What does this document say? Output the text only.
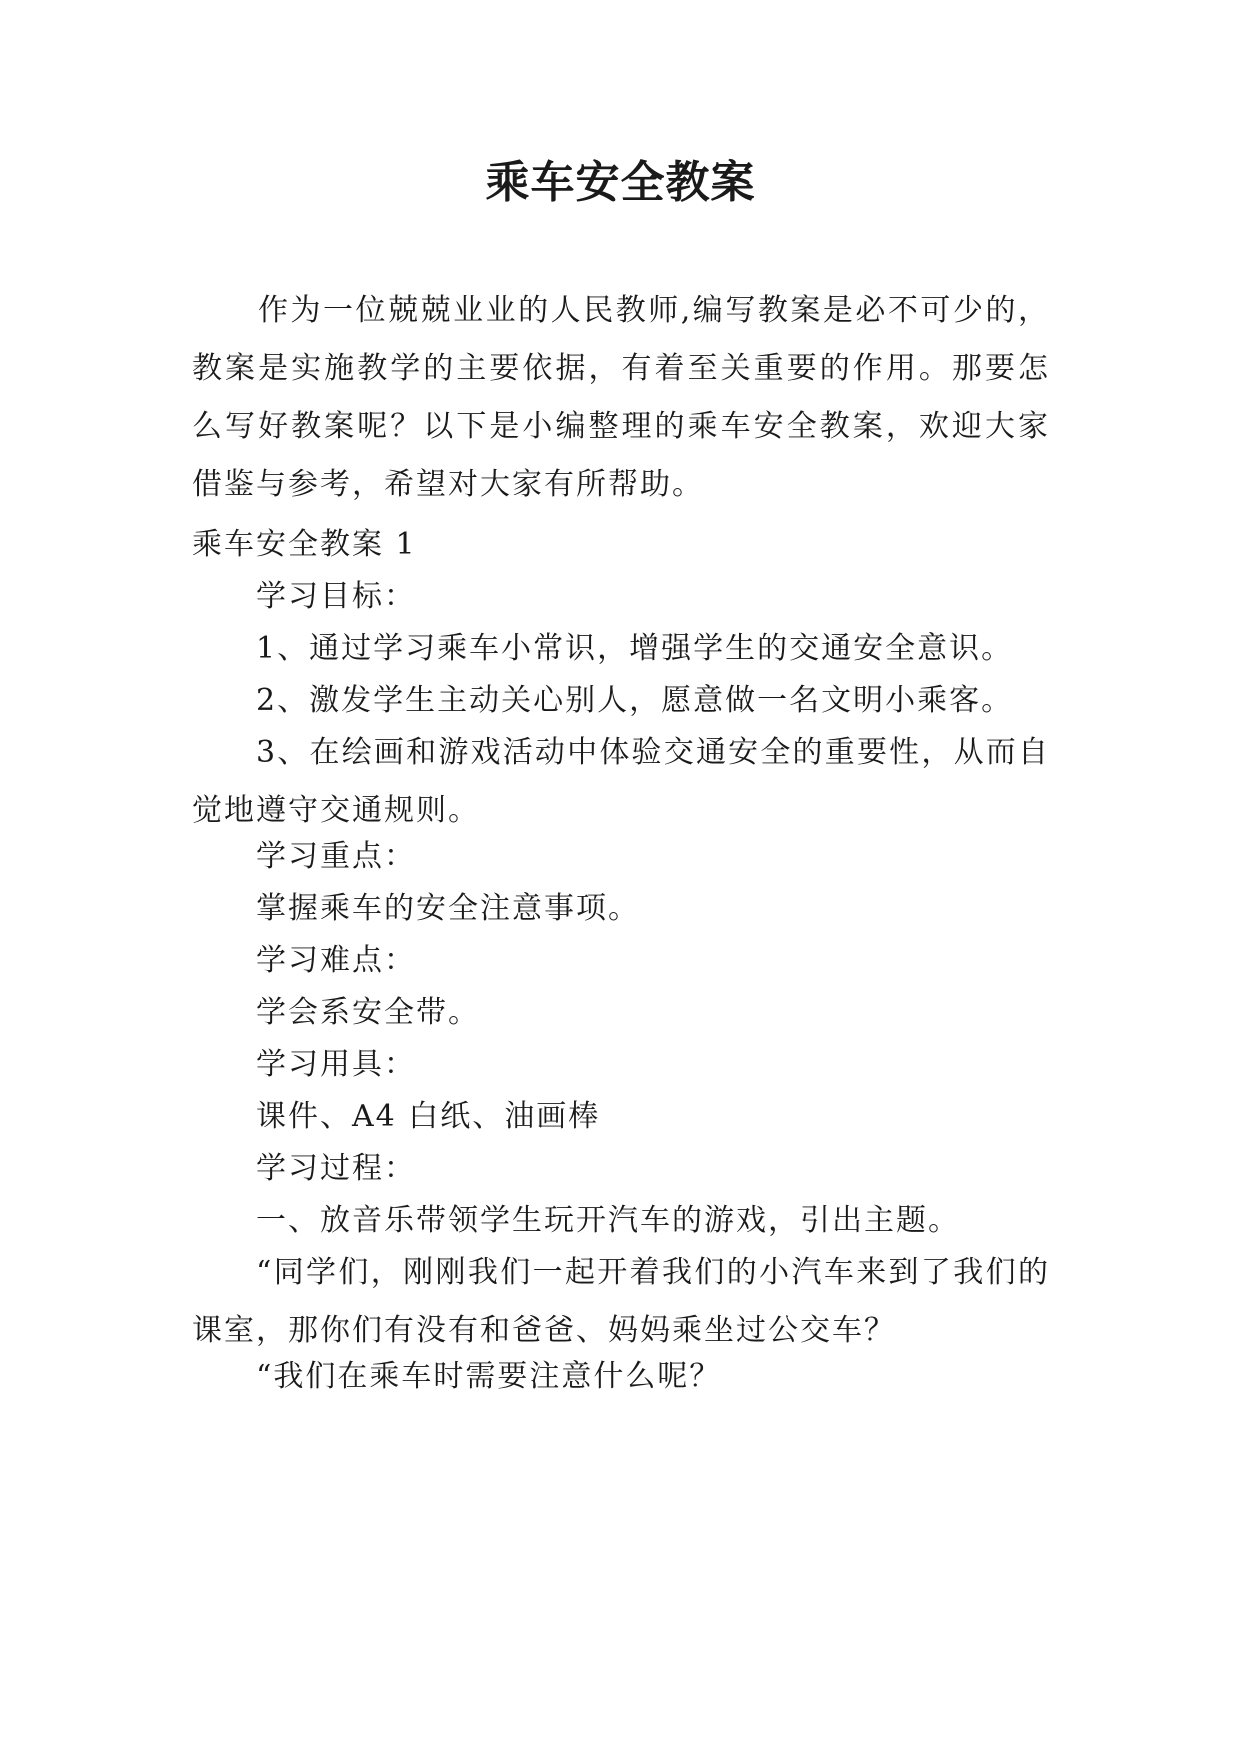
乘车安全教案
作为一位兢兢业业的人民教师,编写教案是必不可少的，教案是实施教学的主要依据，有着至关重要的作用。那要怎么写好教案呢？以下是小编整理的乘车安全教案，欢迎大家借鉴与参考，希望对大家有所帮助。
乘车安全教案 1
学习目标：
1、通过学习乘车小常识，增强学生的交通安全意识。
2、激发学生主动关心别人，愿意做一名文明小乘客。
3、在绘画和游戏活动中体验交通安全的重要性，从而自觉地遵守交通规则。
学习重点：
掌握乘车的安全注意事项。
学习难点：
学会系安全带。
学习用具：
课件、A4 白纸、油画棒
学习过程：
一、放音乐带领学生玩开汽车的游戏，引出主题。
“同学们，刚刚我们一起开着我们的小汽车来到了我们的课室，那你们有没有和爸爸、妈妈乘坐过公交车？
“我们在乘车时需要注意什么呢？
